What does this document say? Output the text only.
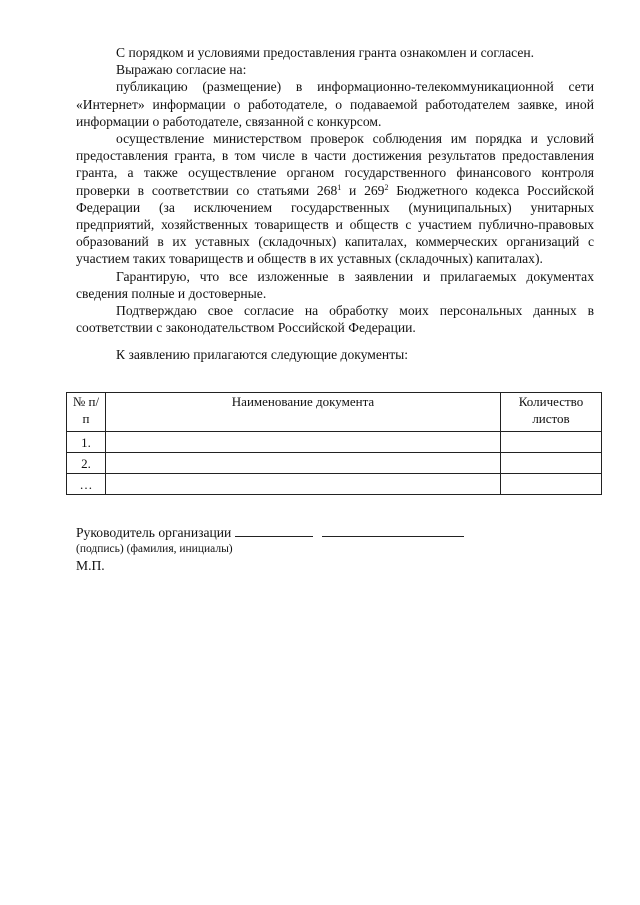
С порядком и условиями предоставления гранта ознакомлен и согласен.

Выражаю согласие на:

публикацию (размещение) в информационно-телекоммуникационной сети «Интернет» информации о работодателе, о подаваемой работодателем заявке, иной информации о работодателе, связанной с конкурсом.

осуществление министерством проверок соблюдения им порядка и условий предоставления гранта, в том числе в части достижения результатов предоставления гранта, а также осуществление органом государственного финансового контроля проверки в соответствии со статьями $268^1$ и $269^2$ Бюджетного кодекса Российской Федерации (за исключением государственных (муниципальных) унитарных предприятий, хозяйственных товариществ и обществ с участием публично-правовых образований в их уставных (складочных) капиталах, коммерческих организаций с участием таких товариществ и обществ в их уставных (складочных) капиталах).

Гарантирую, что все изложенные в заявлении и прилагаемых документах сведения полные и достоверные.

Подтверждаю свое согласие на обработку моих персональных данных в соответствии с законодательством Российской Федерации.

К заявлению прилагаются следующие документы:

№ п/п	Наименование документа	Количество листов
1.		
2.		
…		
Руководитель организации
(подпись) (фамилия, инициалы)
М.П.
